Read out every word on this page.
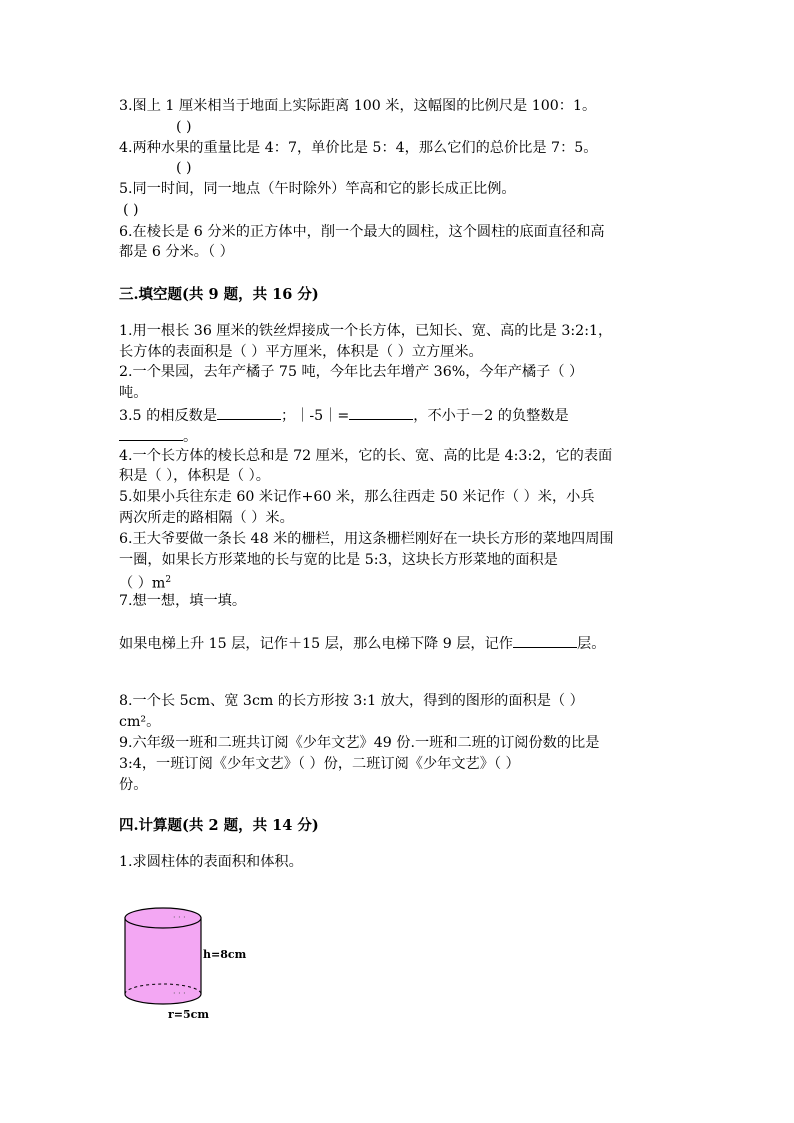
3.图上 1 厘米相当于地面上实际距离 100 米，这幅图的比例尺是 100：1。
( )
4.两种水果的重量比是 4：7，单价比是 5：4，那么它们的总价比是 7：5。
( )
5.同一时间，同一地点（午时除外）竿高和它的影长成正比例。
( )
6.在棱长是 6 分米的正方体中，削一个最大的圆柱，这个圆柱的底面直径和高
都是 6 分米。（ ）
三.填空题(共 9 题，共 16 分)
1.用一根长 36 厘米的铁丝焊接成一个长方体，已知长、宽、高的比是 3:2:1，
长方体的表面积是（ ）平方厘米，体积是（ ）立方厘米。
2.一个果园，去年产橘子 75 吨，今年比去年增产 36%，今年产橘子（ ）
吨。
3.5 的相反数是	；｜-5｜=	，不小于－2 的负整数是
。
4.一个长方体的棱长总和是 72 厘米，它的长、宽、高的比是 4:3:2，它的表面
积是（ ），体积是（ ）。
5.如果小兵往东走 60 米记作+60 米，那么往西走 50 米记作（ ）米，小兵
两次所走的路相隔（ ）米。
6.王大爷要做一条长 48 米的栅栏，用这条栅栏刚好在一块长方形的菜地四周围
一圈，如果长方形菜地的长与宽的比是 5:3，这块长方形菜地的面积是
（ ）$m^2$
7.想一想，填一填。
如果电梯上升 15 层，记作＋15 层，那么电梯下降 9 层，记作	层。
8.一个长 5cm、宽 3cm 的长方形按 3:1 放大，得到的图形的面积是（ ）
cm²。
9.六年级一班和二班共订阅《少年文艺》49 份.一班和二班的订阅份数的比是
3:4，一班订阅《少年文艺》（ ）份，二班订阅《少年文艺》（ ）
份。
四.计算题(共 2 题，共 14 分)
1.求圆柱体的表面积和体积。
· · ·
· · ·
h=8cm
r=5cm
